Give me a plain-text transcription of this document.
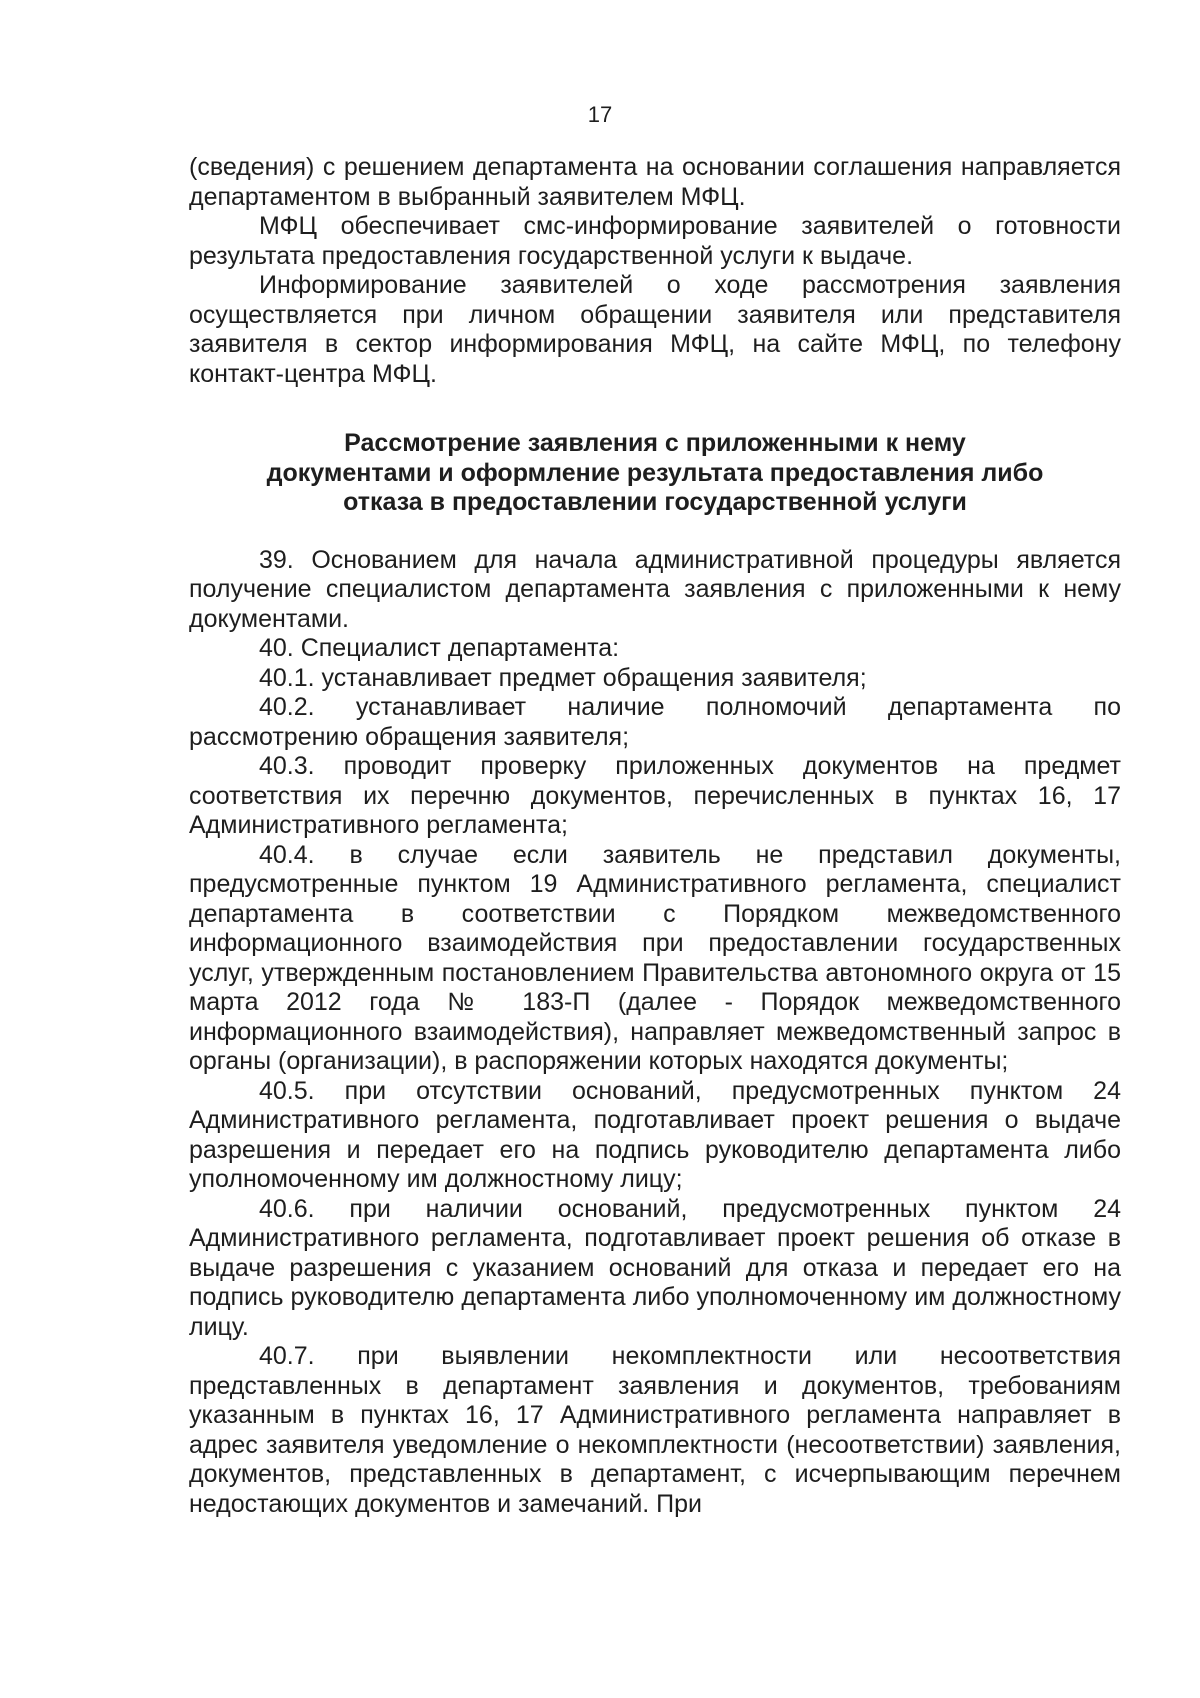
17

(сведения) с решением департамента на основании соглашения направляется департаментом в выбранный заявителем МФЦ.

МФЦ обеспечивает смс-информирование заявителей о готовности результата предоставления государственной услуги к выдаче.

Информирование заявителей о ходе рассмотрения заявления осуществляется при личном обращении заявителя или представителя заявителя в сектор информирования МФЦ, на сайте МФЦ, по телефону контакт-центра МФЦ.

Рассмотрение заявления с приложенными к нему
документами и оформление результата предоставления либо
отказа в предоставлении государственной услуги

39. Основанием для начала административной процедуры является получение специалистом департамента заявления с приложенными к нему документами.

40. Специалист департамента:

40.1. устанавливает предмет обращения заявителя;

40.2. устанавливает наличие полномочий департамента по рассмотрению обращения заявителя;

40.3. проводит проверку приложенных документов на предмет соответствия их перечню документов, перечисленных в пунктах 16, 17 Административного регламента;

40.4. в случае если заявитель не представил документы, предусмотренные пунктом 19 Административного регламента, специалист департамента в соответствии с Порядком межведомственного информационного взаимодействия при предоставлении государственных услуг, утвержденным постановлением Правительства автономного округа от 15 марта 2012 года № 183-П (далее - Порядок межведомственного информационного взаимодействия), направляет межведомственный запрос в органы (организации), в распоряжении которых находятся документы;

40.5. при отсутствии оснований, предусмотренных пунктом 24 Административного регламента, подготавливает проект решения о выдаче разрешения и передает его на подпись руководителю департамента либо уполномоченному им должностному лицу;

40.6. при наличии оснований, предусмотренных пунктом 24 Административного регламента, подготавливает проект решения об отказе в выдаче разрешения с указанием оснований для отказа и передает его на подпись руководителю департамента либо уполномоченному им должностному лицу.

40.7. при выявлении некомплектности или несоответствия представленных в департамент заявления и документов, требованиям указанным в пунктах 16, 17 Административного регламента направляет в адрес заявителя уведомление о некомплектности (несоответствии) заявления, документов, представленных в департамент, с исчерпывающим перечнем недостающих документов и замечаний. При
